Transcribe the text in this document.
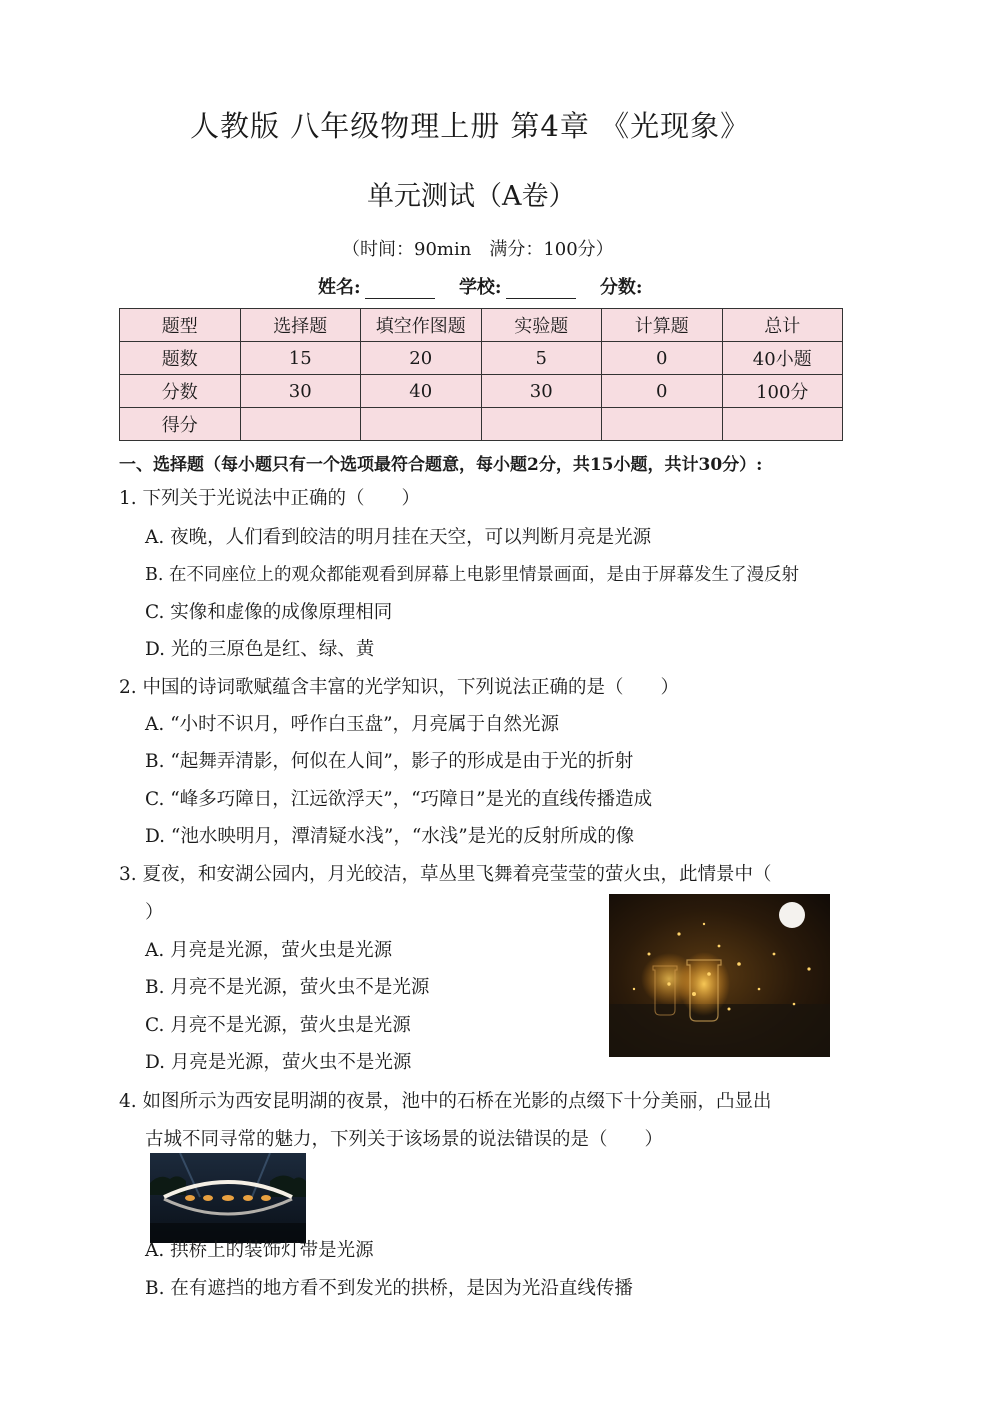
人教版 八年级物理上册 第4章 《光现象》
单元测试（A卷）
（时间：90min　满分：100分）
姓名:	学校:	分数:
题型	选择题	填空作图题	实验题	计算题	总计
题数	15	20	5	0	40小题
分数	30	40	30	0	100分
得分					
一、选择题（每小题只有一个选项最符合题意，每小题2分，共15小题，共计30分）:
1. 下列关于光说法中正确的（　　）
A. 夜晚，人们看到皎洁的明月挂在天空，可以判断月亮是光源
B. 在不同座位上的观众都能观看到屏幕上电影里情景画面，是由于屏幕发生了漫反射
C. 实像和虚像的成像原理相同
D. 光的三原色是红、绿、黄
2. 中国的诗词歌赋蕴含丰富的光学知识，下列说法正确的是（　　）
A. “小时不识月，呼作白玉盘”，月亮属于自然光源
B. “起舞弄清影，何似在人间”，影子的形成是由于光的折射
C. “峰多巧障日，江远欲浮天”，“巧障日”是光的直线传播造成
D. “池水映明月，潭清疑水浅”，“水浅”是光的反射所成的像
3. 夏夜，和安湖公园内，月光皎洁，草丛里飞舞着亮莹莹的萤火虫，此情景中（
）
A. 月亮是光源，萤火虫是光源
B. 月亮不是光源，萤火虫不是光源
C. 月亮不是光源，萤火虫是光源
D. 月亮是光源，萤火虫不是光源
4. 如图所示为西安昆明湖的夜景，池中的石桥在光影的点缀下十分美丽，凸显出
古城不同寻常的魅力，下列关于该场景的说法错误的是（　　）
A. 拱桥上的装饰灯带是光源
B. 在有遮挡的地方看不到发光的拱桥，是因为光沿直线传播
